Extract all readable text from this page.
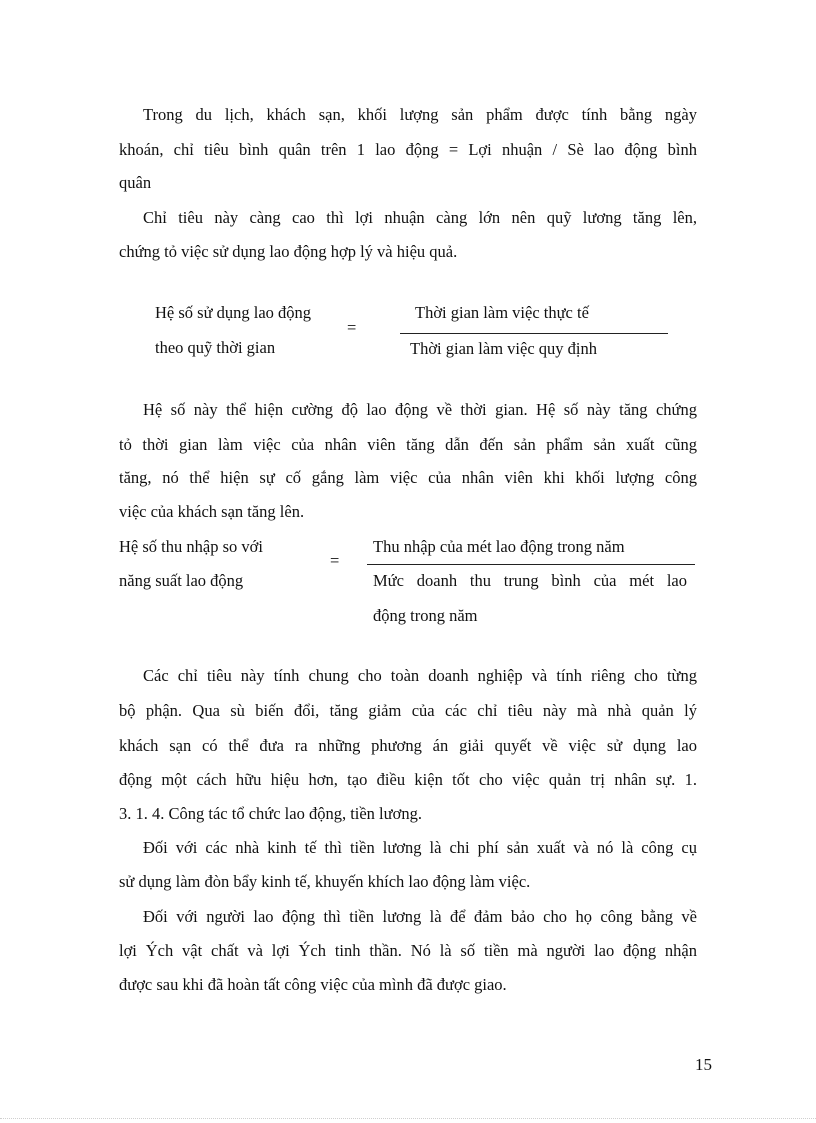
Trong du lịch, khách sạn, khối lượng sản phẩm được tính bằng ngày
khoán, chỉ tiêu bình quân trên 1 lao động = Lợi nhuận / Sè lao động bình
quân
Chỉ tiêu này càng cao thì lợi nhuận càng lớn nên quỹ lương tăng lên,
chứng tỏ việc sử dụng lao động hợp lý và hiệu quả.
Hệ số sử dụng lao động
theo quỹ thời gian
=
Thời gian làm việc thực tế
Thời gian làm việc quy định
Hệ số này thể hiện cường độ lao động về thời gian. Hệ số này tăng chứng
tỏ thời gian làm việc của nhân viên tăng dẫn đến sản phẩm sản xuất cũng
tăng, nó thể hiện sự cố gắng làm việc của nhân viên khi khối lượng công
việc của khách sạn tăng lên.
Hệ số thu nhập so với
năng suất lao động
=
Thu nhập của mét lao động trong năm
Mức doanh thu trung bình của mét lao
động trong năm
Các chỉ tiêu này tính chung cho toàn doanh nghiệp và tính riêng cho từng
bộ phận. Qua sù biến đổi, tăng giảm của các chỉ tiêu này mà nhà quản lý
khách sạn có thể đưa ra những phương án giải quyết về việc sử dụng lao
động một cách hữu hiệu hơn, tạo điều kiện tốt cho việc quản trị nhân sự. 1.
3. 1. 4. Công tác tổ chức lao động, tiền lương.
Đối với các nhà kinh tế thì tiền lương là chi phí sản xuất và nó là công cụ
sử dụng làm đòn bẩy kinh tế, khuyến khích lao động làm việc.
Đối với người lao động thì tiền lương là để đảm bảo cho họ công bằng về
lợi Ých vật chất và lợi Ých tinh thần. Nó là số tiền mà người lao động nhận
được sau khi đã hoàn tất công việc của mình đã được giao.
15
